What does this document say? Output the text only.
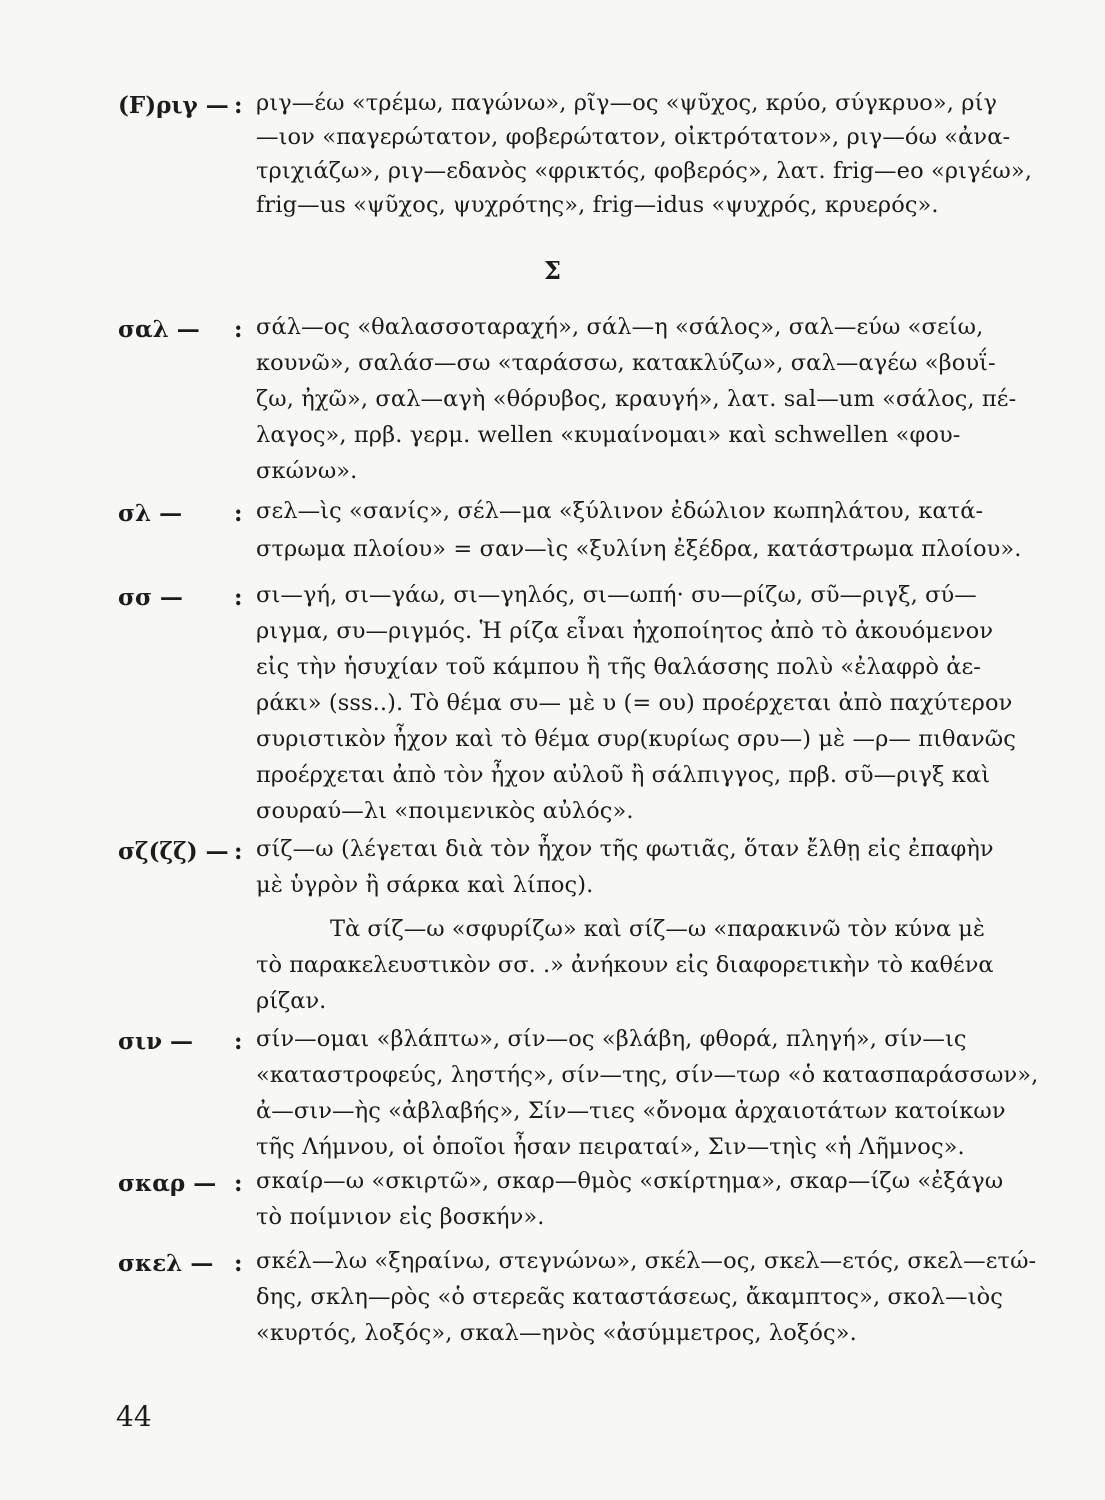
(F)ριγ — : ριγ—έω «τρέμω, παγώνω», ρῖγ—ος «ψῦχος, κρύο, σύγκρυο», ρίγ
—ιον «παγερώτατον, φοβερώτατον, οἰκτρότατον», ριγ—όω «ἀνα-
τριχιάζω», ριγ—εδανὸς «φρικτός, φοβερός», λατ. frig—eo «ριγέω»,
frig—us «ψῦχος, ψυχρότης», frig—idus «ψυχρός, κρυερός».
Σ
σαλ — : σάλ—ος «θαλασσοταραχή», σάλ—η «σάλος», σαλ—εύω «σείω,
κουνῶ», σαλάσ—σω «ταράσσω, κατακλύζω», σαλ—αγέω «βουΐ-
ζω, ἠχῶ», σαλ—αγὴ «θόρυβος, κραυγή», λατ. sal—um «σάλος, πέ-
λαγος», πρβ. γερμ. wellen «κυμαίνομαι» καὶ schwellen «φου-
σκώνω».
σλ — : σελ—ὶς «σανίς», σέλ—μα «ξύλινον ἐδώλιον κωπηλάτου, κατά-
στρωμα πλοίου» = σαν—ὶς «ξυλίνη ἐξέδρα, κατάστρωμα πλοίου».
σσ — : σι—γή, σι—γάω, σι—γηλός, σι—ωπή· συ—ρίζω, σῦ—ριγξ, σύ—
ριγμα, συ—ριγμός. Ἡ ρίζα εἶναι ἠχοποίητος ἀπὸ τὸ ἀκουόμενον
εἰς τὴν ἡσυχίαν τοῦ κάμπου ἢ τῆς θαλάσσης πολὺ «ἐλαφρὸ ἀε-
ράκι» (sss..). Τὸ θέμα συ— μὲ υ (= ου) προέρχεται ἀπὸ παχύτερον
συριστικὸν ἦχον καὶ τὸ θέμα συρ(κυρίως σρυ—) μὲ —ρ— πιθανῶς
προέρχεται ἀπὸ τὸν ἦχον αὐλοῦ ἢ σάλπιγγος, πρβ. σῦ—ριγξ καὶ
σουραύ—λι «ποιμενικὸς αὐλός».
σζ(ζζ) — : σίζ—ω (λέγεται διὰ τὸν ἦχον τῆς φωτιᾶς, ὅταν ἔλθῃ εἰς ἐπαφὴν
μὲ ὑγρὸν ἢ σάρκα καὶ λίπος).
Τὰ σίζ—ω «σφυρίζω» καὶ σίζ—ω «παρακινῶ τὸν κύνα μὲ
τὸ παρακελευστικὸν σσ. .» ἀνήκουν εἰς διαφορετικὴν τὸ καθένα
ρίζαν.
σιν — : σίν—ομαι «βλάπτω», σίν—ος «βλάβη, φθορά, πληγή», σίν—ις
«καταστροφεύς, ληστής», σίν—της, σίν—τωρ «ὁ κατασπαράσσων»,
ἀ—σιν—ὴς «ἀβλαβής», Σίν—τιες «ὄνομα ἀρχαιοτάτων κατοίκων
τῆς Λήμνου, οἱ ὁποῖοι ἦσαν πειραταί», Σιν—τηὶς «ἡ Λῆμνος».
σκαρ — : σκαίρ—ω «σκιρτῶ», σκαρ—θμὸς «σκίρτημα», σκαρ—ίζω «ἐξάγω
τὸ ποίμνιον εἰς βοσκήν».
σκελ — : σκέλ—λω «ξηραίνω, στεγνώνω», σκέλ—ος, σκελ—ετός, σκελ—ετώ-
δης, σκλη—ρὸς «ὁ στερεᾶς καταστάσεως, ἄκαμπτος», σκολ—ιὸς
«κυρτός, λοξός», σκαλ—ηνὸς «ἀσύμμετρος, λοξός».
44
